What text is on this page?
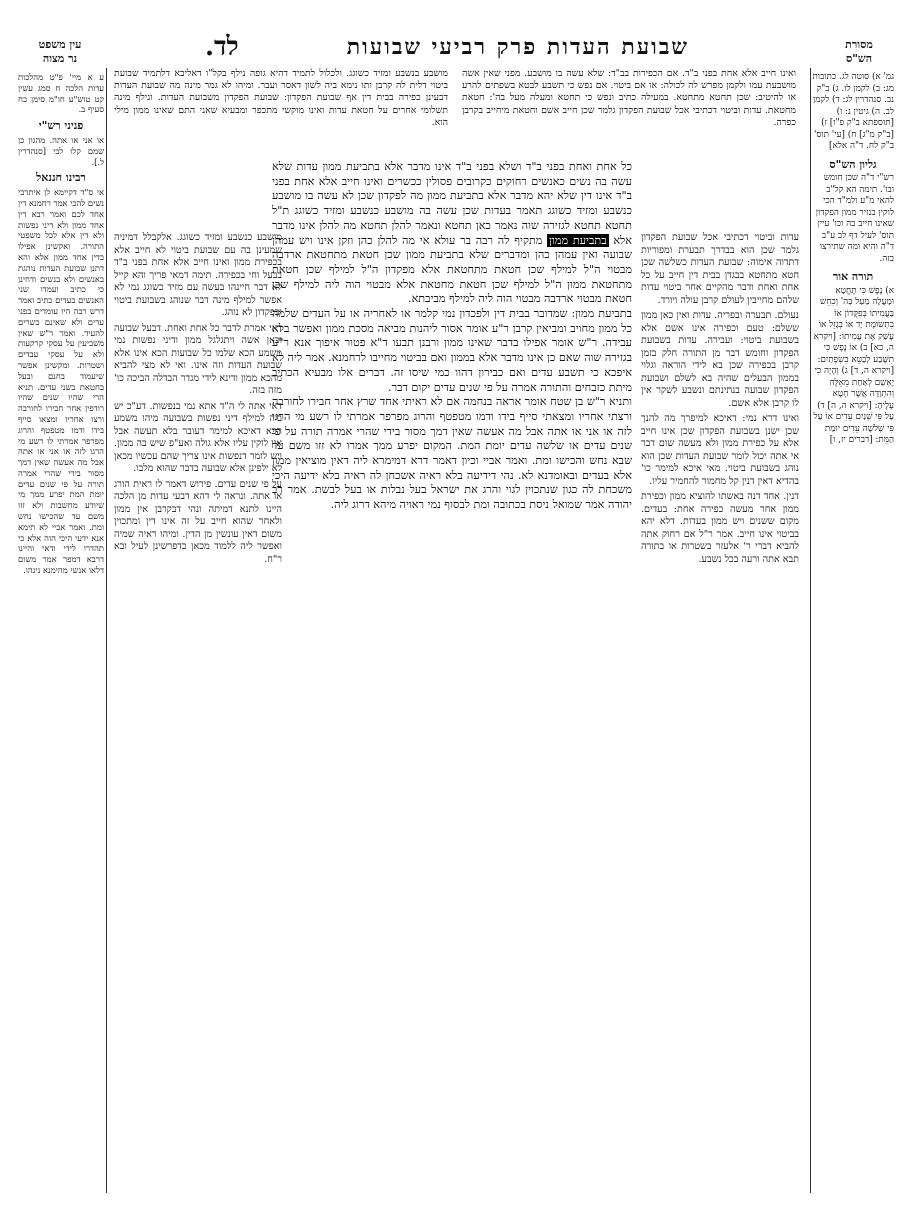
מסורת
הש"ס
שבועת העדות פרק רביעי שבועות
לד.
עין משפט
נר מצוה
גמ' א) סוטה לג. כתובות מג: ב) לקמן לו. ג) ב"ק נב. סנהדרין לג: ד) לקמן לב. ה) גיטין נ: ו) [תוספתא ב"ק פ"ו] ז) [ב"ק מ"ג] ח) [עי' תוס' ב"ק לח. ד"ה אלא]
גליון הש"ס
רש"י ד"ה שכן חומש ובו'. תימה הא קל"ב להאי מ"ע ולמ"ד הכי לוקין בנזיר ממון הפקדון שאינו חייב בה וכו' עיין תוס' לעיל דף לב ע"ב ד"ה והיא ומה שתירצו בזה.
תורה אור
א) נֶפֶשׁ כִּי תֶחֱטָא וּמָעֲלָה מַעַל בַּה' וְכִחֵשׁ בַּעֲמִיתוֹ בְּפִקָּדוֹן אוֹ בִתְשׂוּמֶת יָד אוֹ בְגָזֵל אוֹ עָשַׁק אֶת עֲמִיתוֹ: [ויקרא ה, כא] ב) אוֹ נֶפֶשׁ כִּי תִשָּׁבַע לְבַטֵּא בִשְׂפָתַיִם: [ויקרא ה, ד] ג) וְהָיָה כִי יֶאְשַׁם לְאַחַת מֵאֵלֶּה וְהִתְוַדָּה אֲשֶׁר חָטָא עָלֶיהָ: [ויקרא ה, ה] ד) עַל פִּי שְׁנַיִם עֵדִים אוֹ עַל פִּי שְׁלֹשָׁה עֵדִים יוּמַת הַמֵּת: [דברים יז, ו]
ע א מיי' פ"ט מהלכות עדות הלכה ח סמג עשין קט טוש"ע חו"מ סימן כח סעיף ב.
פניני רש"י
או אני או אתה. מהגון כן שמם קלו לבי [סנהדרין ל.].
רבינו חננאל
אי ס"ד דקיימא לן איתרבי נשים להכי אמר רחמנא דין אחד לכם ואמר רבא דין אחד ממון ולא דיני נפשות ולא דין אלא לכל משפטי התורה. ואקשינן אפילו בדין אחד ממון אלא והא דתנן שבועת העדות נוהגת באנשים ולא בנשים ודחינן כי כתיב ועמדו שני האנשים בעדים כתיב ואמר דרש רבה היו עומדים בפני עדים ולא שאינם כשרים להעיד. ואמר ר"ש שאין משביעין על עסקי קרקעות ולא על עסקי עבדים ושטרות. ומקשינן אפשר שיעמוד בחנם ובעל בחטאת בשני עדים. תניא הרי שהיו שנים שהיו רודפין אחר חבירו לחורבה ורצו אחריו ומצאו סייף בידו ודמו מטפטף והרוג מפרפר אמרתי לו רשע מי הרגו לזה או אני או אתה אבל מה אעשה שאין דמך מסור בידי שהרי אמרה תורה על פי שנים עדים יומת המת יפרע ממך מי שיודע מחשבות ולא זזו משם עד שהכישו נחש ומת. ואמר אביי לא תימא אנא ידעי היכי הוה אלא כי תהדרו לידי ודאי והיינו דרבא דמפר אמר משום דלאו אנשי מהימנא נינהו.
ואינו חייב אלא אחת בפני ב"ד. אם הכפירות בב"ד: שלא עשה בו מושבע. מפני שאין אשה מושבעת עמו ולקמן מפרש לה לכולה: או אם ביטוי. אם נפש כי תשבע לבטא בשפתים להרע או להיטיב: שכן תחטא מתחטא. במעילה כתיב ונפש כי תחטא ומעלה מעל בה': חטאת מחטאת. עדות וביטוי דכתיבי אכל שבועת הפקדון גלמר שכן חייב אשם וחטאת מיחייב בקרבן כפרה.
מושבע בנשבע ומזיד כשוגג. ולכלול לתמיד דהיא גופה נילף בקל"ו דאליבא דלתמיד שבועת ביטוי דלית לה קרבן ותו נימא ביה לשון דאסר ועבר. ומיהו לא גמר מינה מה שבועת העדות דבעינן כפירה בבית דין אף שבועת הפקדון: שבועת הפקדון משבועת העדות. ונילף מינה תשלומי אחרים על חטאת עדות ואינו מוקשי מתכפר ומבעיא שאני התם שאינו ממון מילי הוא.

עדות וביטוי דכתיבי אכל שבועת הפקדון גלמר שכן הוא בבדרך תבערת ומפוריות דתדוה אימוה: שבועת העדות כשלשה שכן חטא מתחטא בבגדן בבית דין חייב על כל אחת ואחת ודבר מהקיים אחר ביטוי עדות שלהם מחייבין לעולם קרבן עולה ויורד.

נעולם. תבערה ובפריה. עדות ואין כאן ממון ששלם: טעם וכפירה אינו אשם אלא בשבועת ביטוי: ועבירה. עדות בשבועת הפקדון וחומש דבר מן התורה חלק בזמן קרבן בכפירה שכן בא לידי הוראה וגלוי בממון הבעלים שהיה בא לשלם ושבועת הפקדון שבועה בנתינתם ונשבע לשקר אין לו קרבן אלא אשם.

ואינו דרא נמי: דאיכא למיפרך מה להנך שכן ישנן בשבועת הפקדון שכן אינו חייב אלא על כפירת ממון ולא מעשה שום דבר אי אתה יכול לומר שבועת העדות שכן הוא נוהג בשבועת ביטוי. מאי איכא למימר כו' בהדיא דאין דנין קל מחמור להחמיר עליו.

דנין. אחד דנה באשתו להוציא ממון וכפירת ממון אחר מעשה כפירה אחת: בעדים. מקום ששנים ויש ממון בעדות. דלא יהא בביטוי אינו חייב. אמר ר"ל אם רחוק אתה להביא דברי ר' אלעזר בשטרות או בתורה תבא אתה ורעה בכל נשבע.

כל אחת ואחת בפני ב"ד ושלא בפני ב"ד אינו מדבר אלא בתביעת ממון עדות שלא עשה בה נשים כאנשים רחוקים כקרובים פסולין ככשרים ואינו חייב אלא אחת בפני ב"ד אינו דין שלא יהא מדבר אלא בתביעת ממון מה לפקדון שכן לא עשה בו מושבע כנשבע ומזיד כשוגג תאמר בעדות שכן עשה בה מושבע כנשבע ומזיד כשוגג ת"ל תחטא תחטא לגזירה שוה נאמר כאן תחטא ונאמר להלן תחטא מה להלן אינו מדבר אלא בתביעת ממון מתקיף לה רבה בר עולא אי מה להלן כהן וזקן אינו ויש עמהן שבועה ואין עמהן כהן ומדברים שלא בתביעת ממון שכן חטאת מתחטאת ארדבה מבטוי ה"ל למילף שכן חטאת מתחטאת אלא מפקדון ה"ל למילף שכן חטאת מתחטאת ממון ה"ל למילף שכן חטאת מחטאת אלא מבטוי הוה ליה למילף שכן חטאת מבטוי ארדבה מבטוי הוה ליה למילף מביבתא.

בתביעת ממון: שמדובר בבית דין ולפכדון נמי קלמר או לאחריה או על העדים שלמה כל ממון מחויב ומביאין קרבן ר"ע אומר אסור ליהנות מביאה מסכת ממון ואפשר בלא עבידה. ר"ש אומר אפילו בדבר שאינו ממון ורבנן תבעו ד"א פטור איפוך אנא ר"ע בגזירה שוה שאם כן אינו מדבר אלא בממון ואם בביטוי מחייבו לרחמנא. אמר ליה לא איפכא כי תשבע עדים ואם כבירון דהוו כמי שיסו זה. דברים אלו מבעיא הכתיב מיתת כזבחים והתורה אמרה על פי שנים עדים יקום דבר.

ותניא ר"ש בן שטח אומר אראה בנחמה אם לא ראיתי אחד שרץ אחר חבירו לחורבה ורצתי אחריו ומצאתי סייף בידו ודמו מטפטף והרוג מפרפר אמרתי לו רשע מי הרגו לזה או אני או אתה אבל מה אעשה שאין דמך מסור בידי שהרי אמרה תורה על פי שנים עדים או שלשה עדים יומת המת. המקום יפרע ממך אמרו לא זזו משם עד שבא נחש והכישו ומת. ואמר אביי וכיון דאמר דרא דמימרא ליה דאין מוציאין ממון אלא בעדים ובאומדנא לא. נהי דידיעה בלא ראיה אשכחן לה ראיה בלא ידיעה היכי משכחת לה כגון שנתכוין לגוי והרג את ישראל בעל נבלות או בעל לבשת. אמר רב יהודה אמר שמואל ניסת בכתובה ומת לבסוף נמי ראויה מיהא דרוג ליה.

מושבע כנשבע ומזיד כשוגג. אלקבלל דמיניה שמעינן בה עם שבועת ביטוי לא חייב אלא בכפירת ממון ואינו חייב אלא אחת בפני ב"ד בבעל וחי בכפירה. תימה דמאי פריך והא קייל לא דבר חיינהו בעשה עם מזיד כשוגג נמי לא אפשר למילף מינה דבר שנוהג בשבועת ביטוי ובפקדון לא נוהג.

דאי אמרת לדבר כל אחת ואחת. דבעל שבועה וכאן אשה ויתגלגל ממון ודיני נפשות נמי משמע הכא שלמו כל שבועות הכא אינו אלא שבועת העדות וזה אינו. ואי לא מצי להביא מהכא ממון ודינא לידי מגדר הבדלה הביכה כו' מזה בזה.

דאי אתה לי ה"ד אתא נמי בנפשות. דע"כ יש ביה למילף דיני נפשות בשבועה מיהו משמע הכא דאיכא למימר דעובר בלא תעשה אבל אין לוקין עליו אלא גולה ואע"פ שיש בה ממון. ויש לומר דנפשות אינו צריך שהם עכשיו מכאן לא ילפינן אלא שבועה בדבר שהוא מלבו.

על פי שנים עדים. פירוש דאמר לו ראית הורג או אתה. ונראה לי דהא דבעי עדות מן הלכה היינו לתנא דמיתה ונהי דבקרבן אין ממון ולאחר שהוא חייב על זה אינו דין ומתכוין משום דאין עונשין מן הדין. ומיהו ראיה שמיה ואפשר ליה ללמוד מכאן כדפרשינן לעיל ובא ר"ח.
